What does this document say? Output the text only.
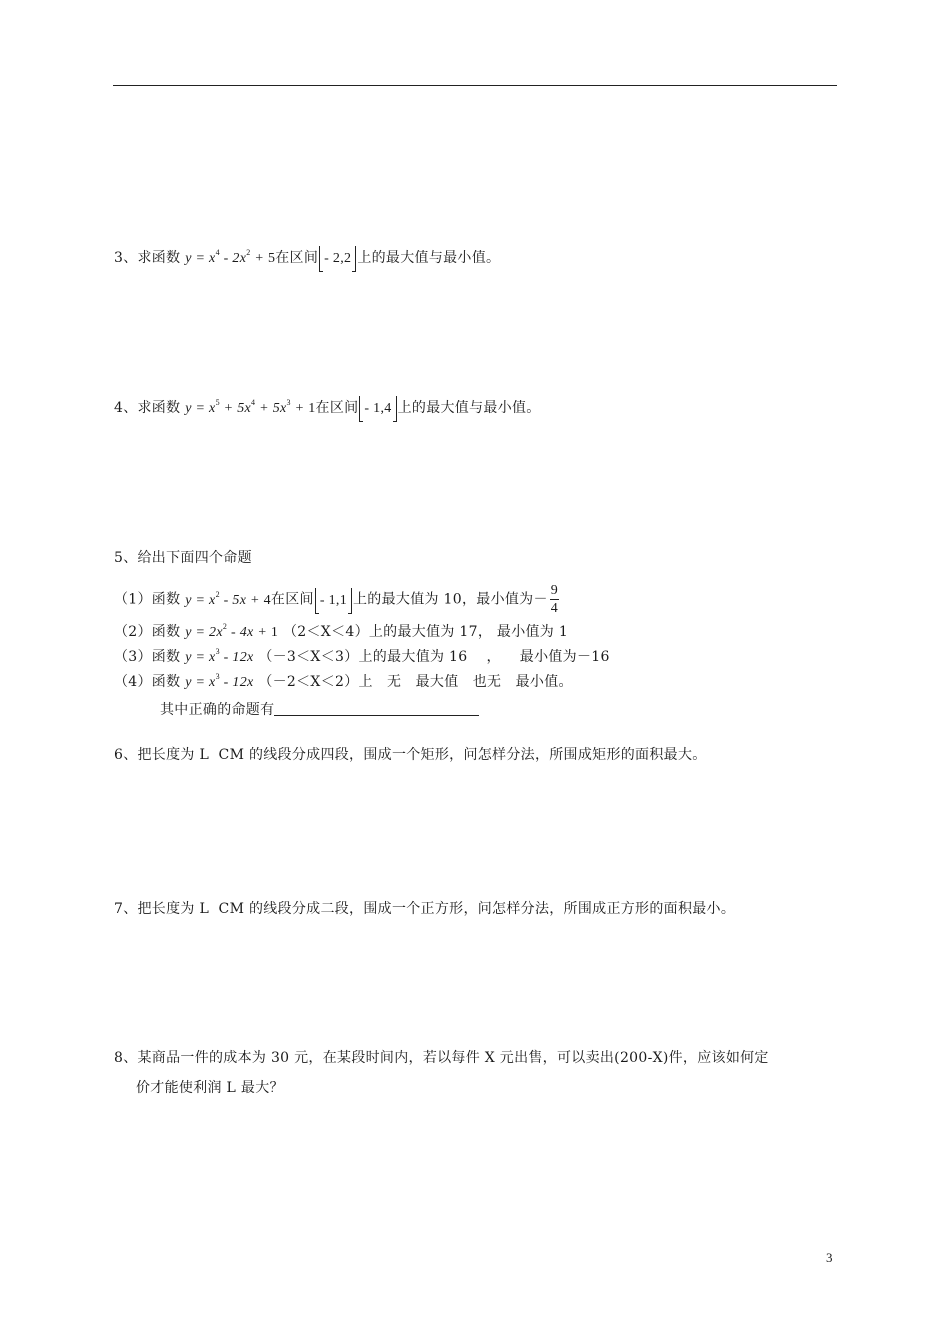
3、求函数 $y = x^4 - 2x^2 + 5$在区间 - 2,2 上的最大值与最小值。
4、求函数 $y = x^5 + 5x^4 + 5x^3 + 1$在区间 - 1,4 上的最大值与最小值。
5、给出下面四个命题
（1）函数 $y = x^2 - 5x + 4$在区间 - 1,1 上的最大值为 10，最小值为－ $\frac{9}{4}$
（2）函数 $y = 2x^2 - 4x + 1$ （2＜X＜4）上的最大值为 17， 最小值为 1
（3）函数 $y = x^3 - 12x$ （－3＜X＜3）上的最大值为 16    ，    最小值为－16
（4）函数 $y = x^3 - 12x$ （－2＜X＜2）上   无   最大值   也无   最小值。
其中正确的命题有
6、把长度为 L  CM 的线段分成四段，围成一个矩形，问怎样分法，所围成矩形的面积最大。
7、把长度为 L  CM 的线段分成二段，围成一个正方形，问怎样分法，所围成正方形的面积最小。
8、某商品一件的成本为 30 元，在某段时间内，若以每件 X 元出售，可以卖出(200-X)件，应该如何定
价才能使利润 L 最大？
3
